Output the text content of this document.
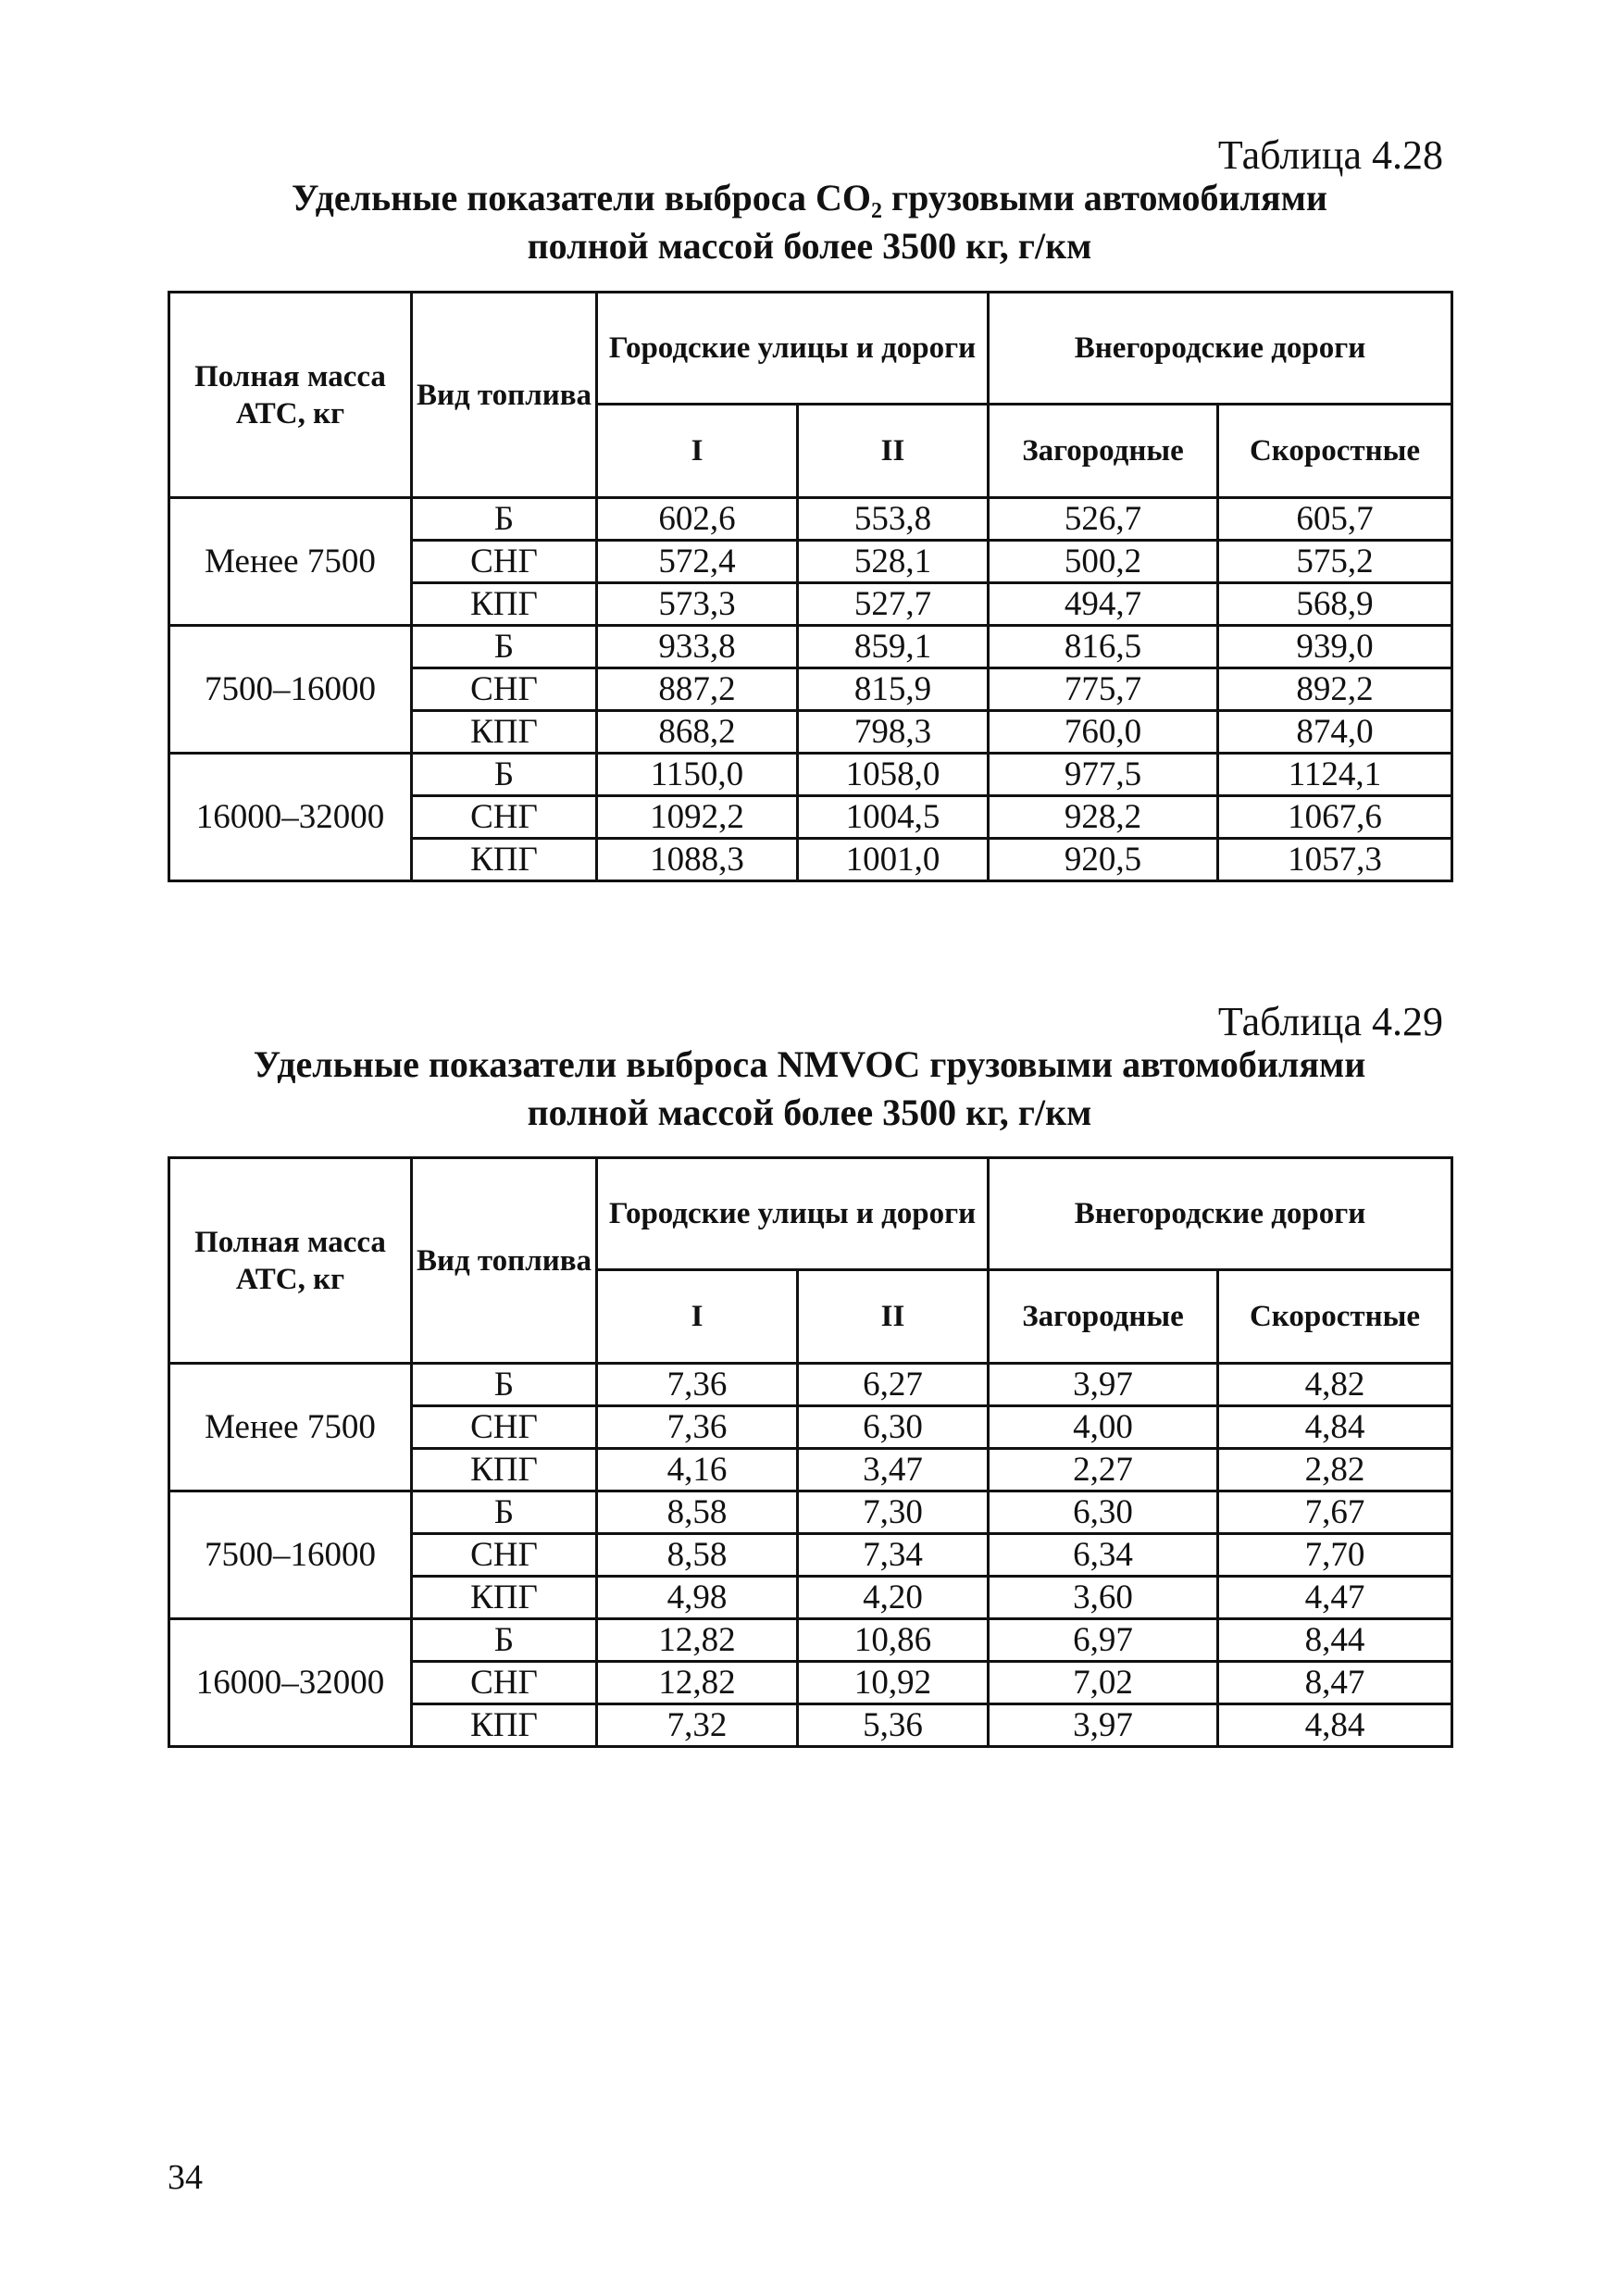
Таблица 4.28
Удельные показатели выброса CO₂ грузовыми автомобилями
полной массой более 3500 кг, г/км
Полная масса АТС, кг	Вид топлива	Городские улицы и дороги		Внегородские дороги	
		I	II	Загородные	Скоростные
Менее 7500	Б	602,6	553,8	526,7	605,7
	СНГ	572,4	528,1	500,2	575,2
	КПГ	573,3	527,7	494,7	568,9
7500–16000	Б	933,8	859,1	816,5	939,0
	СНГ	887,2	815,9	775,7	892,2
	КПГ	868,2	798,3	760,0	874,0
16000–32000	Б	1150,0	1058,0	977,5	1124,1
	СНГ	1092,2	1004,5	928,2	1067,6
	КПГ	1088,3	1001,0	920,5	1057,3
Таблица 4.29
Удельные показатели выброса NMVOC грузовыми автомобилями
полной массой более 3500 кг, г/км
Полная масса АТС, кг	Вид топлива	Городские улицы и дороги		Внегородские дороги	
		I	II	Загородные	Скоростные
Менее 7500	Б	7,36	6,27	3,97	4,82
	СНГ	7,36	6,30	4,00	4,84
	КПГ	4,16	3,47	2,27	2,82
7500–16000	Б	8,58	7,30	6,30	7,67
	СНГ	8,58	7,34	6,34	7,70
	КПГ	4,98	4,20	3,60	4,47
16000–32000	Б	12,82	10,86	6,97	8,44
	СНГ	12,82	10,92	7,02	8,47
	КПГ	7,32	5,36	3,97	4,84
34
